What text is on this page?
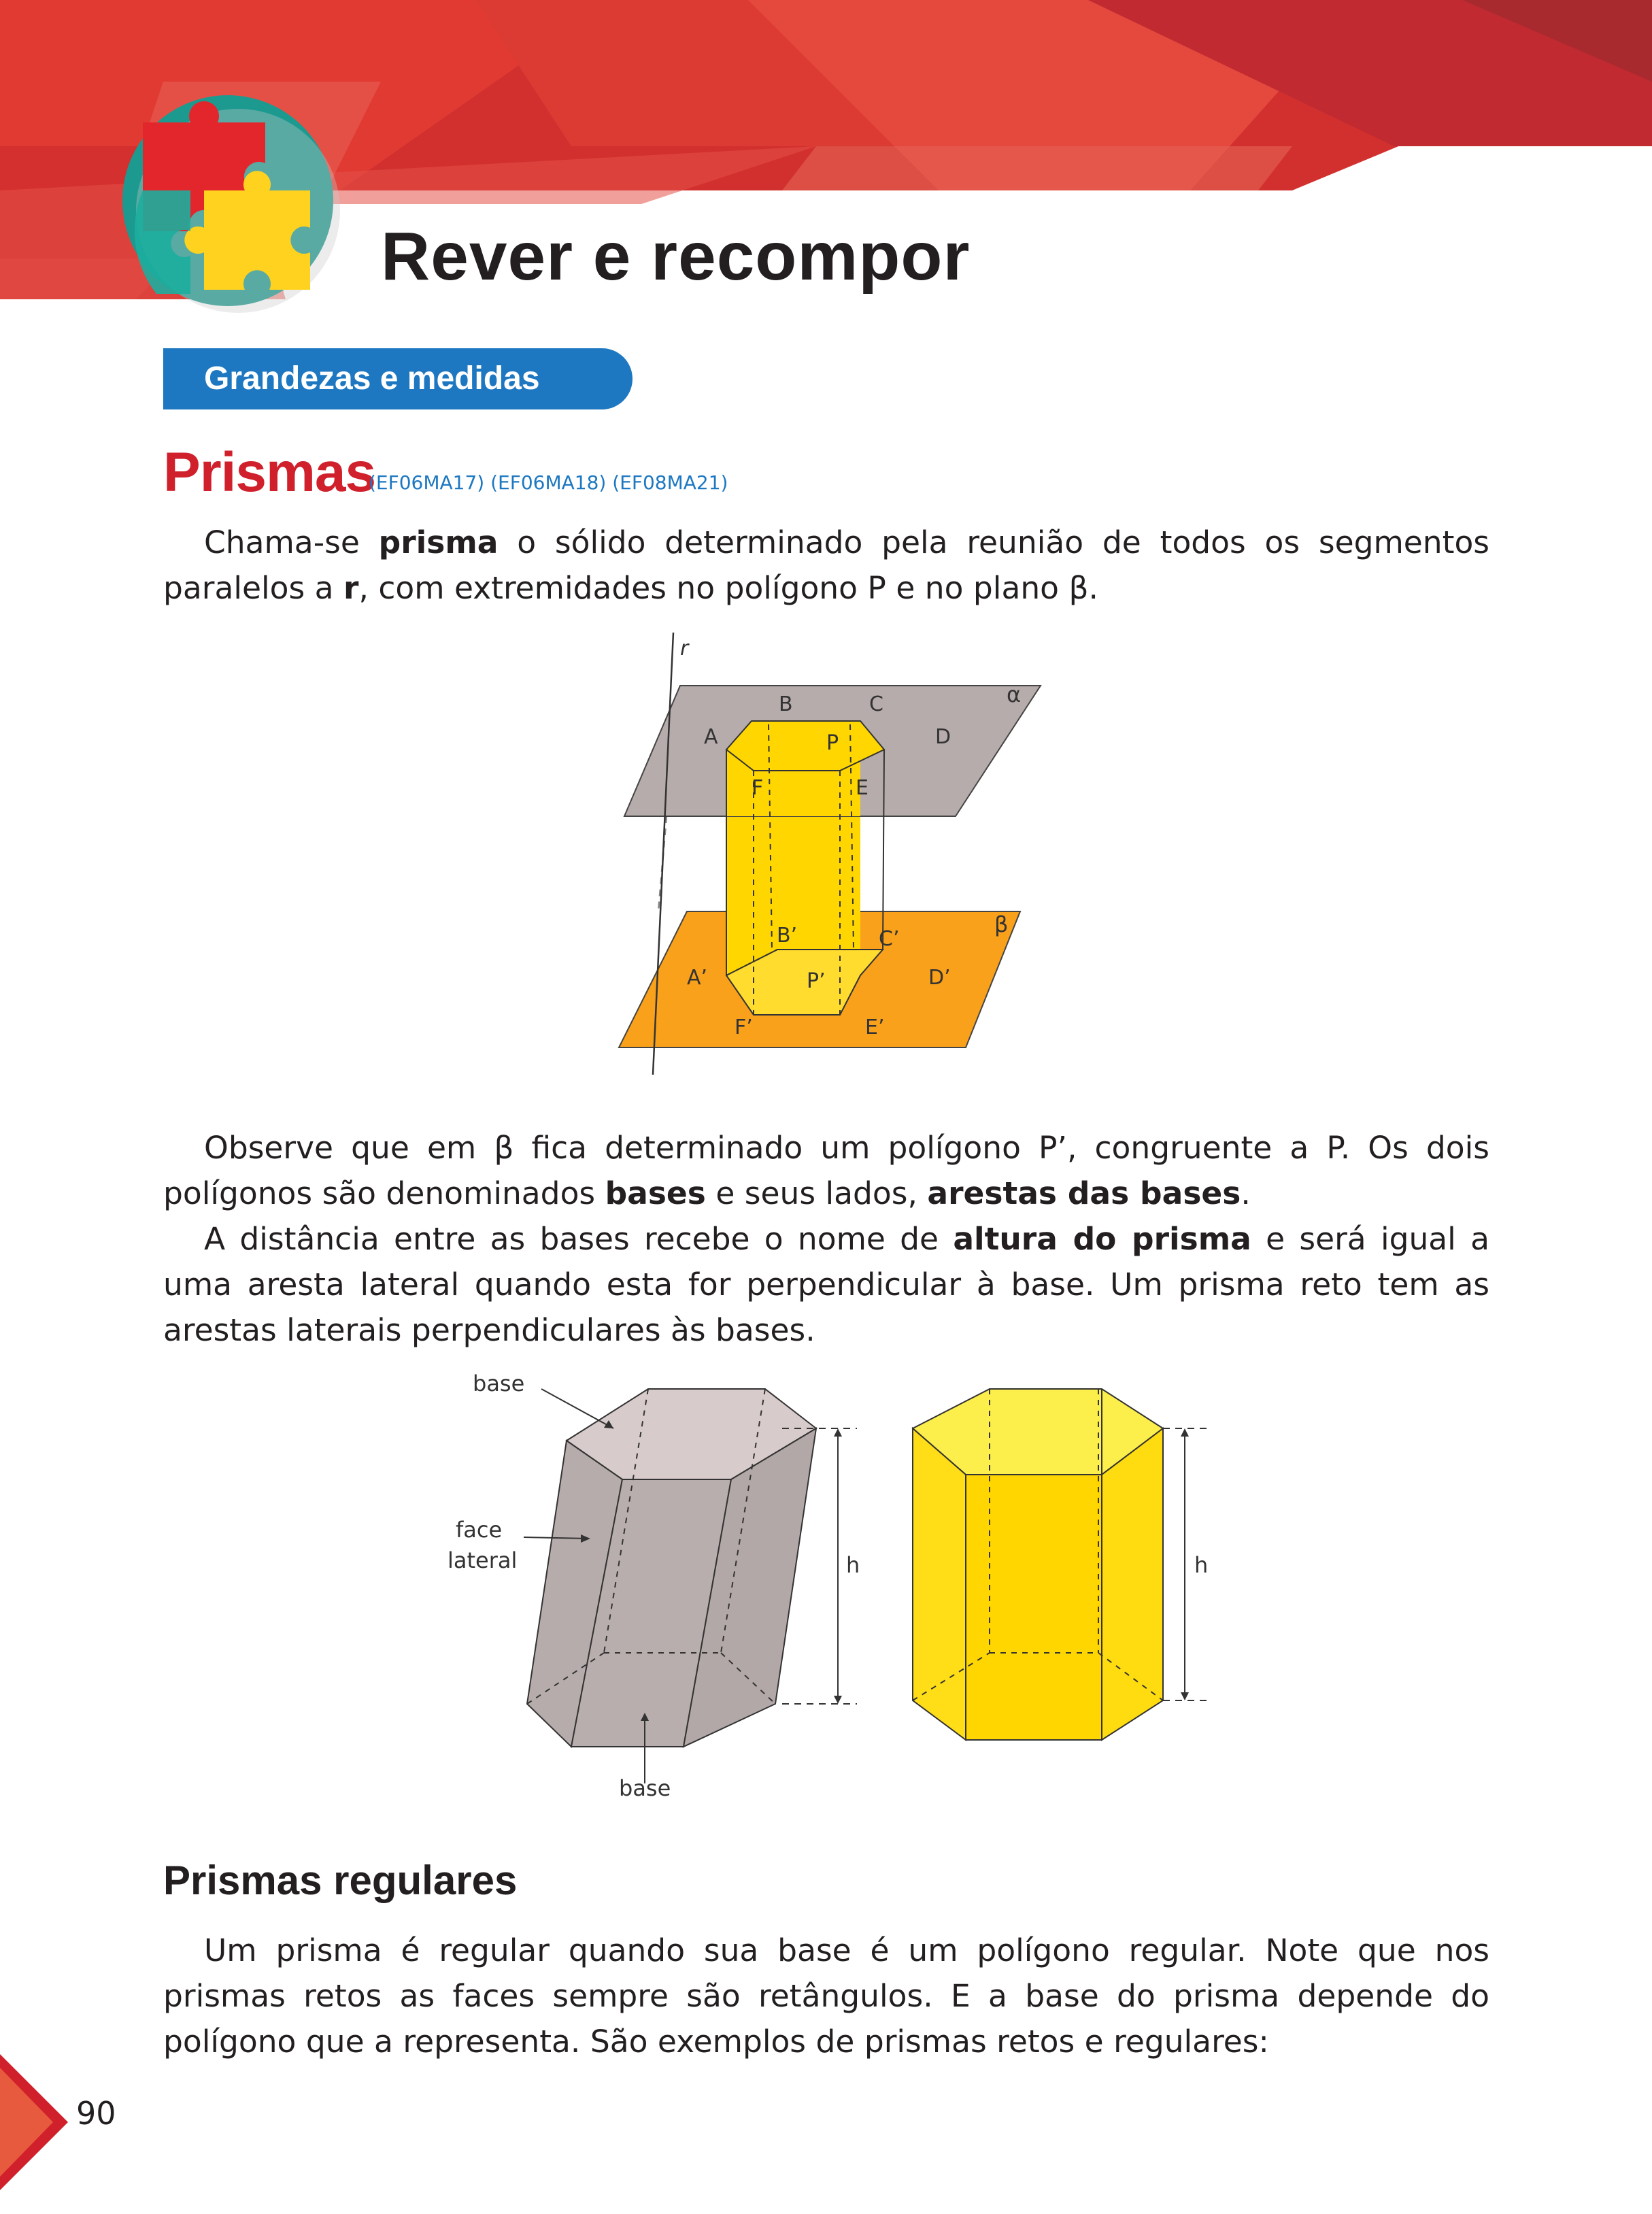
Rever e recompor
Grandezas e medidas
Prismas
(EF06MA17) (EF06MA18) (EF08MA21)
Chama-se prisma o sólido determinado pela reunião de todos os segmentos paralelos a r, com extremidades no polígono P e no plano β.
r
α
β
A
B	C
D
E
F
P
A’
B’	C’
D’
E’
F’
P’
Observe que em β fica determinado um polígono P’, congruente a P. Os dois polígonos são denominados bases e seus lados, arestas das bases.
A distância entre as bases recebe o nome de altura do prisma e será igual a uma aresta lateral quando esta for perpendicular à base. Um prisma reto tem as arestas laterais perpendiculares às bases.
h
base
face
lateral
base
h
Prismas regulares
Um prisma é regular quando sua base é um polígono regular. Note que nos prismas retos as faces sempre são retângulos. E a base do prisma depende do polígono que a representa. São exemplos de prismas retos e regulares:
90
